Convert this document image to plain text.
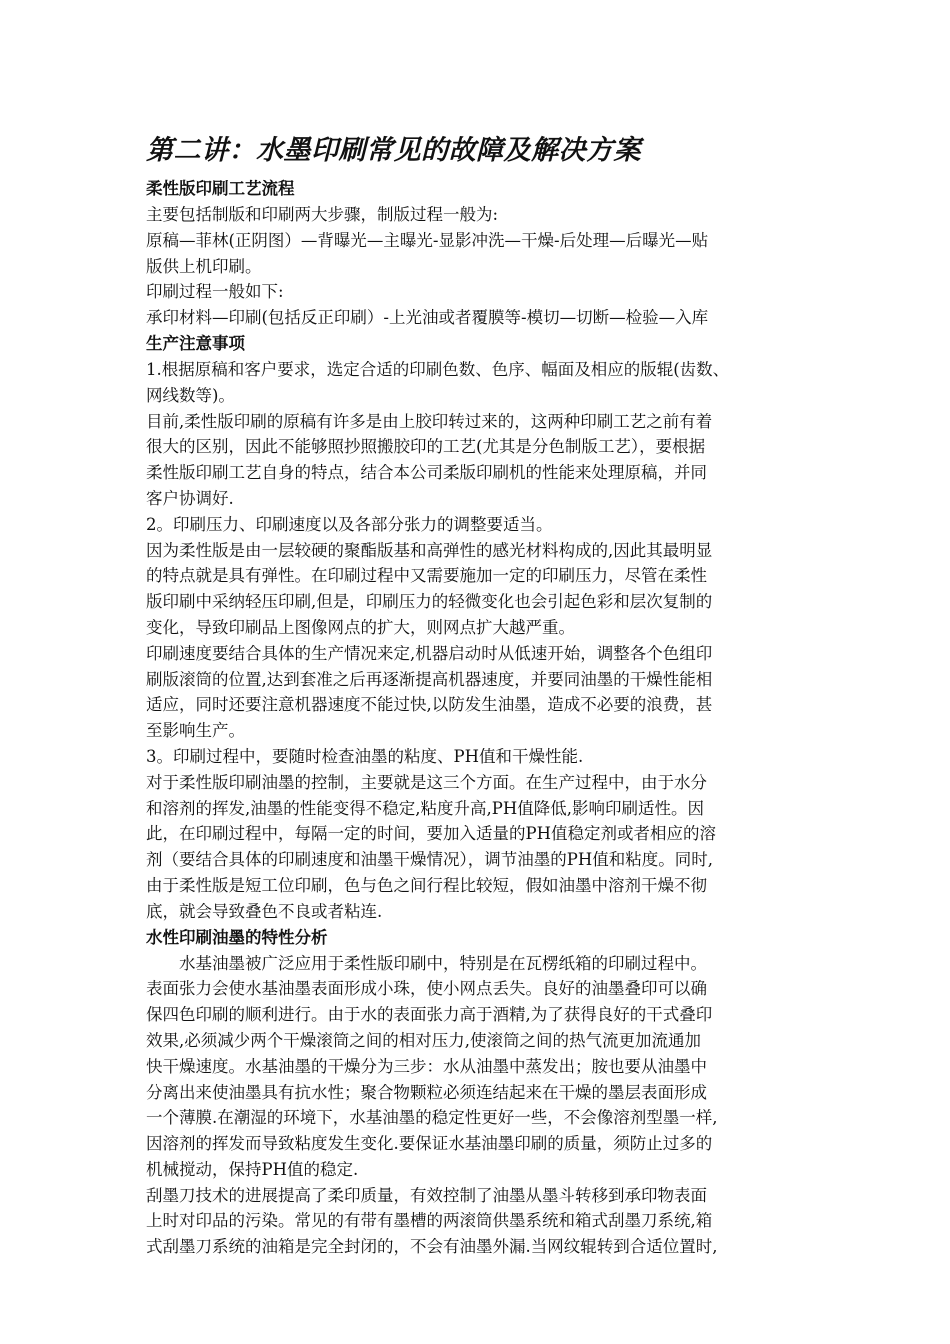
第二讲：水墨印刷常见的故障及解决方案
柔性版印刷工艺流程
主要包括制版和印刷两大步骤，制版过程一般为:
原稿—菲林(正阴图）—背曝光—主曝光-显影冲洗—干燥-后处理—后曝光—贴
版供上机印刷。
印刷过程一般如下:
承印材料—印刷(包括反正印刷）-上光油或者覆膜等-模切—切断—检验—入库
生产注意事项
1.根据原稿和客户要求，选定合适的印刷色数、色序、幅面及相应的版辊(齿数、
网线数等)。
目前,柔性版印刷的原稿有许多是由上胶印转过来的，这两种印刷工艺之前有着
很大的区别，因此不能够照抄照搬胶印的工艺(尤其是分色制版工艺），要根据
柔性版印刷工艺自身的特点，结合本公司柔版印刷机的性能来处理原稿，并同
客户协调好.
2。印刷压力、印刷速度以及各部分张力的调整要适当。
因为柔性版是由一层较硬的聚酯版基和高弹性的感光材料构成的,因此其最明显
的特点就是具有弹性。在印刷过程中又需要施加一定的印刷压力，尽管在柔性
版印刷中采纳轻压印刷,但是，印刷压力的轻微变化也会引起色彩和层次复制的
变化，导致印刷品上图像网点的扩大，则网点扩大越严重。
印刷速度要结合具体的生产情况来定,机器启动时从低速开始，调整各个色组印
刷版滚筒的位置,达到套准之后再逐渐提高机器速度，并要同油墨的干燥性能相
适应，同时还要注意机器速度不能过快,以防发生油墨，造成不必要的浪费，甚
至影响生产。
3。印刷过程中，要随时检查油墨的粘度、PH值和干燥性能.
对于柔性版印刷油墨的控制，主要就是这三个方面。在生产过程中，由于水分
和溶剂的挥发,油墨的性能变得不稳定,粘度升高,PH值降低,影响印刷适性。因
此，在印刷过程中，每隔一定的时间，要加入适量的PH值稳定剂或者相应的溶
剂（要结合具体的印刷速度和油墨干燥情况），调节油墨的PH值和粘度。同时,
由于柔性版是短工位印刷，色与色之间行程比较短，假如油墨中溶剂干燥不彻
底，就会导致叠色不良或者粘连.
水性印刷油墨的特性分析
　　水基油墨被广泛应用于柔性版印刷中，特别是在瓦楞纸箱的印刷过程中。
表面张力会使水基油墨表面形成小珠，使小网点丢失。良好的油墨叠印可以确
保四色印刷的顺利进行。由于水的表面张力高于酒精,为了获得良好的干式叠印
效果,必须减少两个干燥滚筒之间的相对压力,使滚筒之间的热气流更加流通加
快干燥速度。水基油墨的干燥分为三步：水从油墨中蒸发出；胺也要从油墨中
分离出来使油墨具有抗水性；聚合物颗粒必须连结起来在干燥的墨层表面形成
一个薄膜.在潮湿的环境下，水基油墨的稳定性更好一些，不会像溶剂型墨一样,
因溶剂的挥发而导致粘度发生变化.要保证水基油墨印刷的质量，须防止过多的
机械搅动，保持PH值的稳定.
刮墨刀技术的进展提高了柔印质量，有效控制了油墨从墨斗转移到承印物表面
上时对印品的污染。常见的有带有墨槽的两滚筒供墨系统和箱式刮墨刀系统,箱
式刮墨刀系统的油箱是完全封闭的，不会有油墨外漏.当网纹辊转到合适位置时,
